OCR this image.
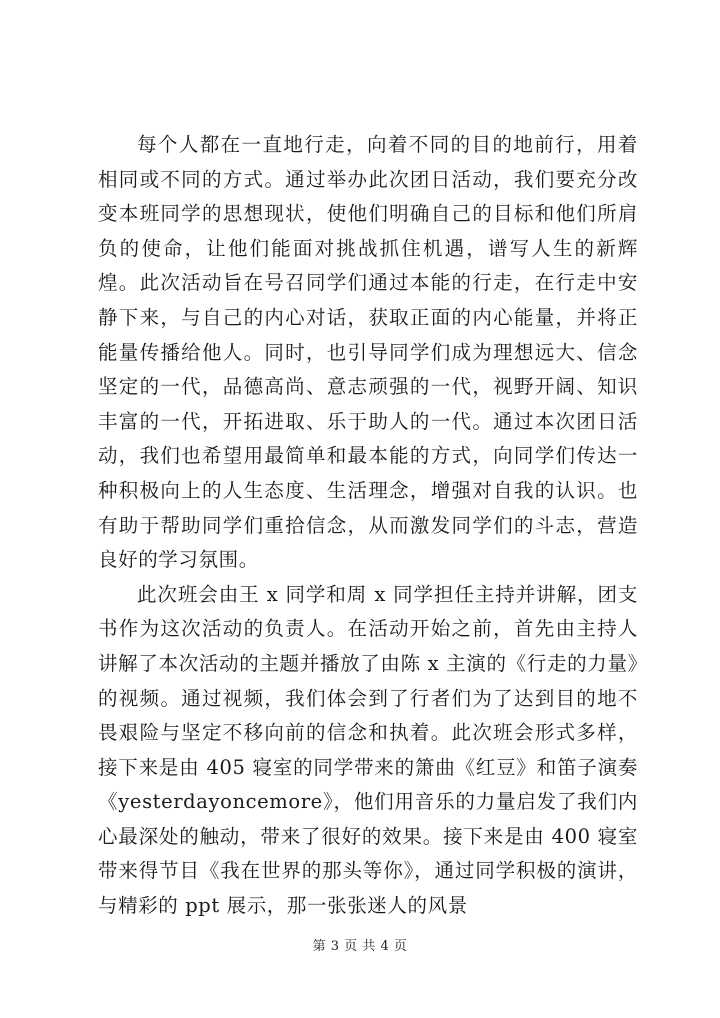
每个人都在一直地行走，向着不同的目的地前行，用着相同或不同的方式。通过举办此次团日活动，我们要充分改变本班同学的思想现状，使他们明确自己的目标和他们所肩负的使命，让他们能面对挑战抓住机遇，谱写人生的新辉煌。此次活动旨在号召同学们通过本能的行走，在行走中安静下来，与自己的内心对话，获取正面的内心能量，并将正能量传播给他人。同时，也引导同学们成为理想远大、信念坚定的一代，品德高尚、意志顽强的一代，视野开阔、知识丰富的一代，开拓进取、乐于助人的一代。通过本次团日活动，我们也希望用最简单和最本能的方式，向同学们传达一种积极向上的人生态度、生活理念，增强对自我的认识。也有助于帮助同学们重拾信念，从而激发同学们的斗志，营造良好的学习氛围。

此次班会由王 x 同学和周 x 同学担任主持并讲解，团支书作为这次活动的负责人。在活动开始之前，首先由主持人讲解了本次活动的主题并播放了由陈 x 主演的《行走的力量》的视频。通过视频，我们体会到了行者们为了达到目的地不畏艰险与坚定不移向前的信念和执着。此次班会形式多样，接下来是由 405 寝室的同学带来的箫曲《红豆》和笛子演奏《yesterdayoncemore》，他们用音乐的力量启发了我们内心最深处的触动，带来了很好的效果。接下来是由 400 寝室带来得节目《我在世界的那头等你》，通过同学积极的演讲，与精彩的 ppt 展示，那一张张迷人的风景

第 3 页 共 4 页
